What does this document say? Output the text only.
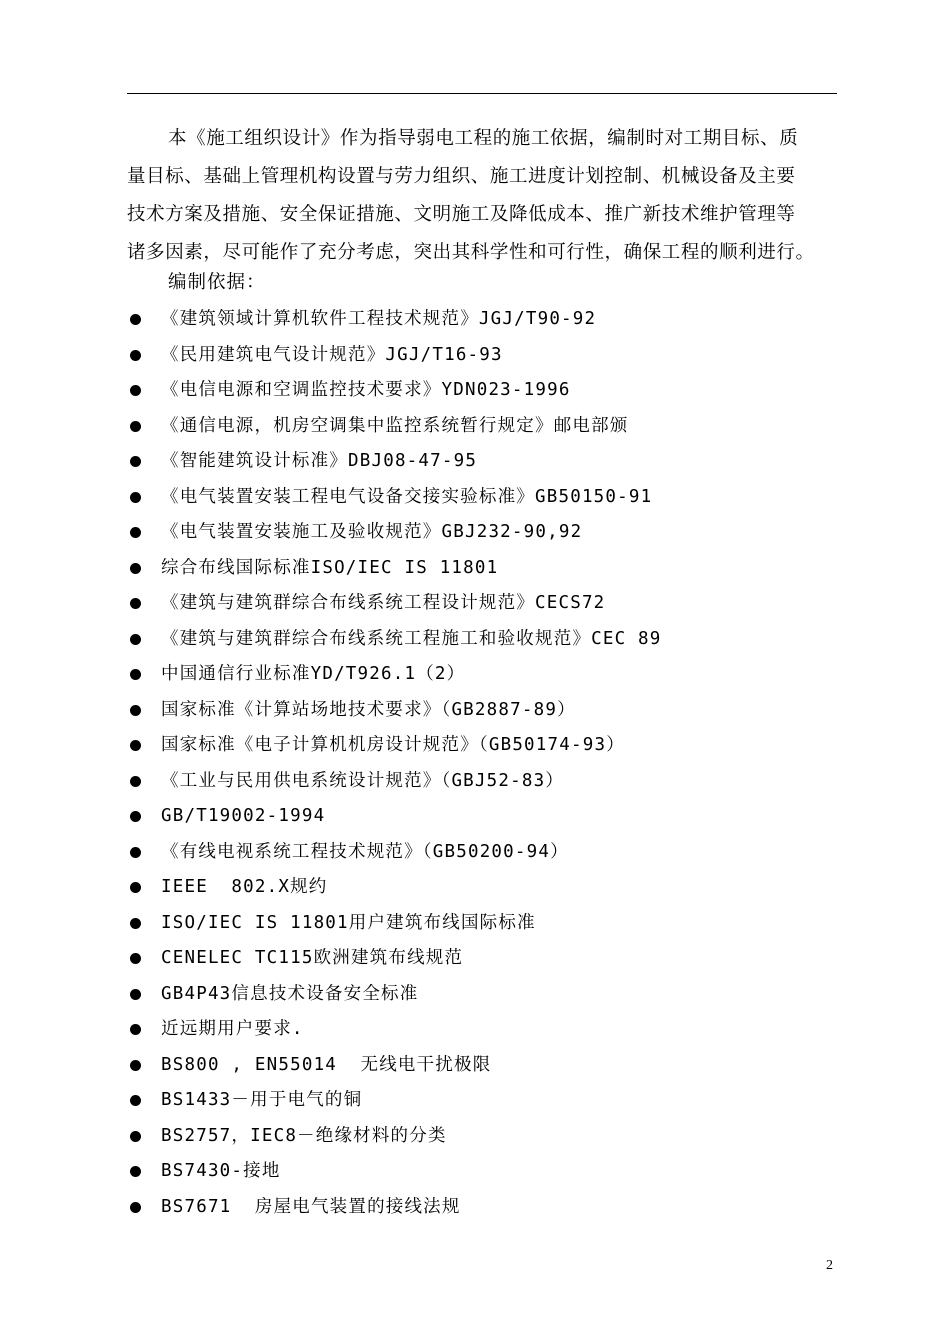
本《施工组织设计》作为指导弱电工程的施工依据，编制时对工期目标、质
量目标、基础上管理机构设置与劳力组织、施工进度计划控制、机械设备及主要
技术方案及措施、安全保证措施、文明施工及降低成本、推广新技术维护管理等
诸多因素，尽可能作了充分考虑，突出其科学性和可行性，确保工程的顺利进行。

编制依据：

《建筑领域计算机软件工程技术规范》JGJ/T90-92
《民用建筑电气设计规范》JGJ/T16-93
《电信电源和空调监控技术要求》YDN023-1996
《通信电源，机房空调集中监控系统暂行规定》邮电部颁
《智能建筑设计标准》DBJ08-47-95
《电气装置安装工程电气设备交接实验标准》GB50150-91
《电气装置安装施工及验收规范》GBJ232-90,92
综合布线国际标准ISO/IEC IS 11801
《建筑与建筑群综合布线系统工程设计规范》CECS72
《建筑与建筑群综合布线系统工程施工和验收规范》CEC 89
中国通信行业标准YD/T926.1（2）
国家标准《计算站场地技术要求》（GB2887-89）
国家标准《电子计算机机房设计规范》（GB50174-93）
《工业与民用供电系统设计规范》（GBJ52-83）
GB/T19002-1994
《有线电视系统工程技术规范》（GB50200-94）
IEEE  802.X规约
ISO/IEC IS 11801用户建筑布线国际标准
CENELEC TC115欧洲建筑布线规范
GB4P43信息技术设备安全标准
近远期用户要求.
BS800 , EN55014  无线电干扰极限
BS1433－用于电气的铜
BS2757，IEC8－绝缘材料的分类
BS7430-接地
BS7671  房屋电气装置的接线法规
2
